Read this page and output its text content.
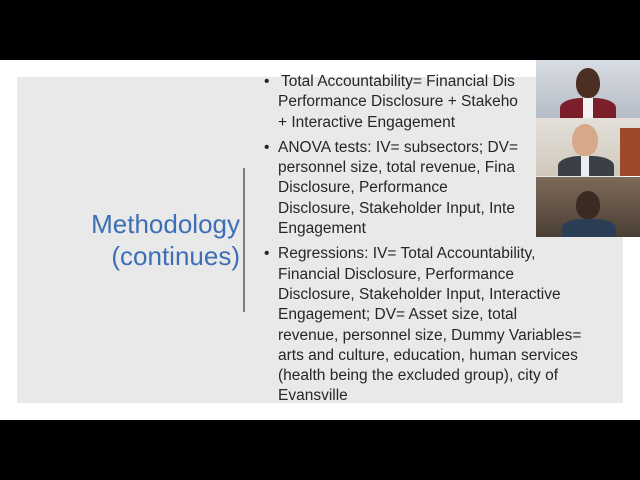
Methodology
(continues)
• Total Accountability= Financial Dis
Performance Disclosure + Stakeho
+ Interactive Engagement
• ANOVA tests: IV= subsectors; DV=
personnel size, total revenue, Fina
Disclosure, Performance
Disclosure, Stakeholder Input, Inte
Engagement
• Regressions: IV= Total Accountability,
Financial Disclosure, Performance
Disclosure, Stakeholder Input, Interactive
Engagement; DV= Asset size, total
revenue, personnel size, Dummy Variables=
arts and culture, education, human services
(health being the excluded group), city of
Evansville
